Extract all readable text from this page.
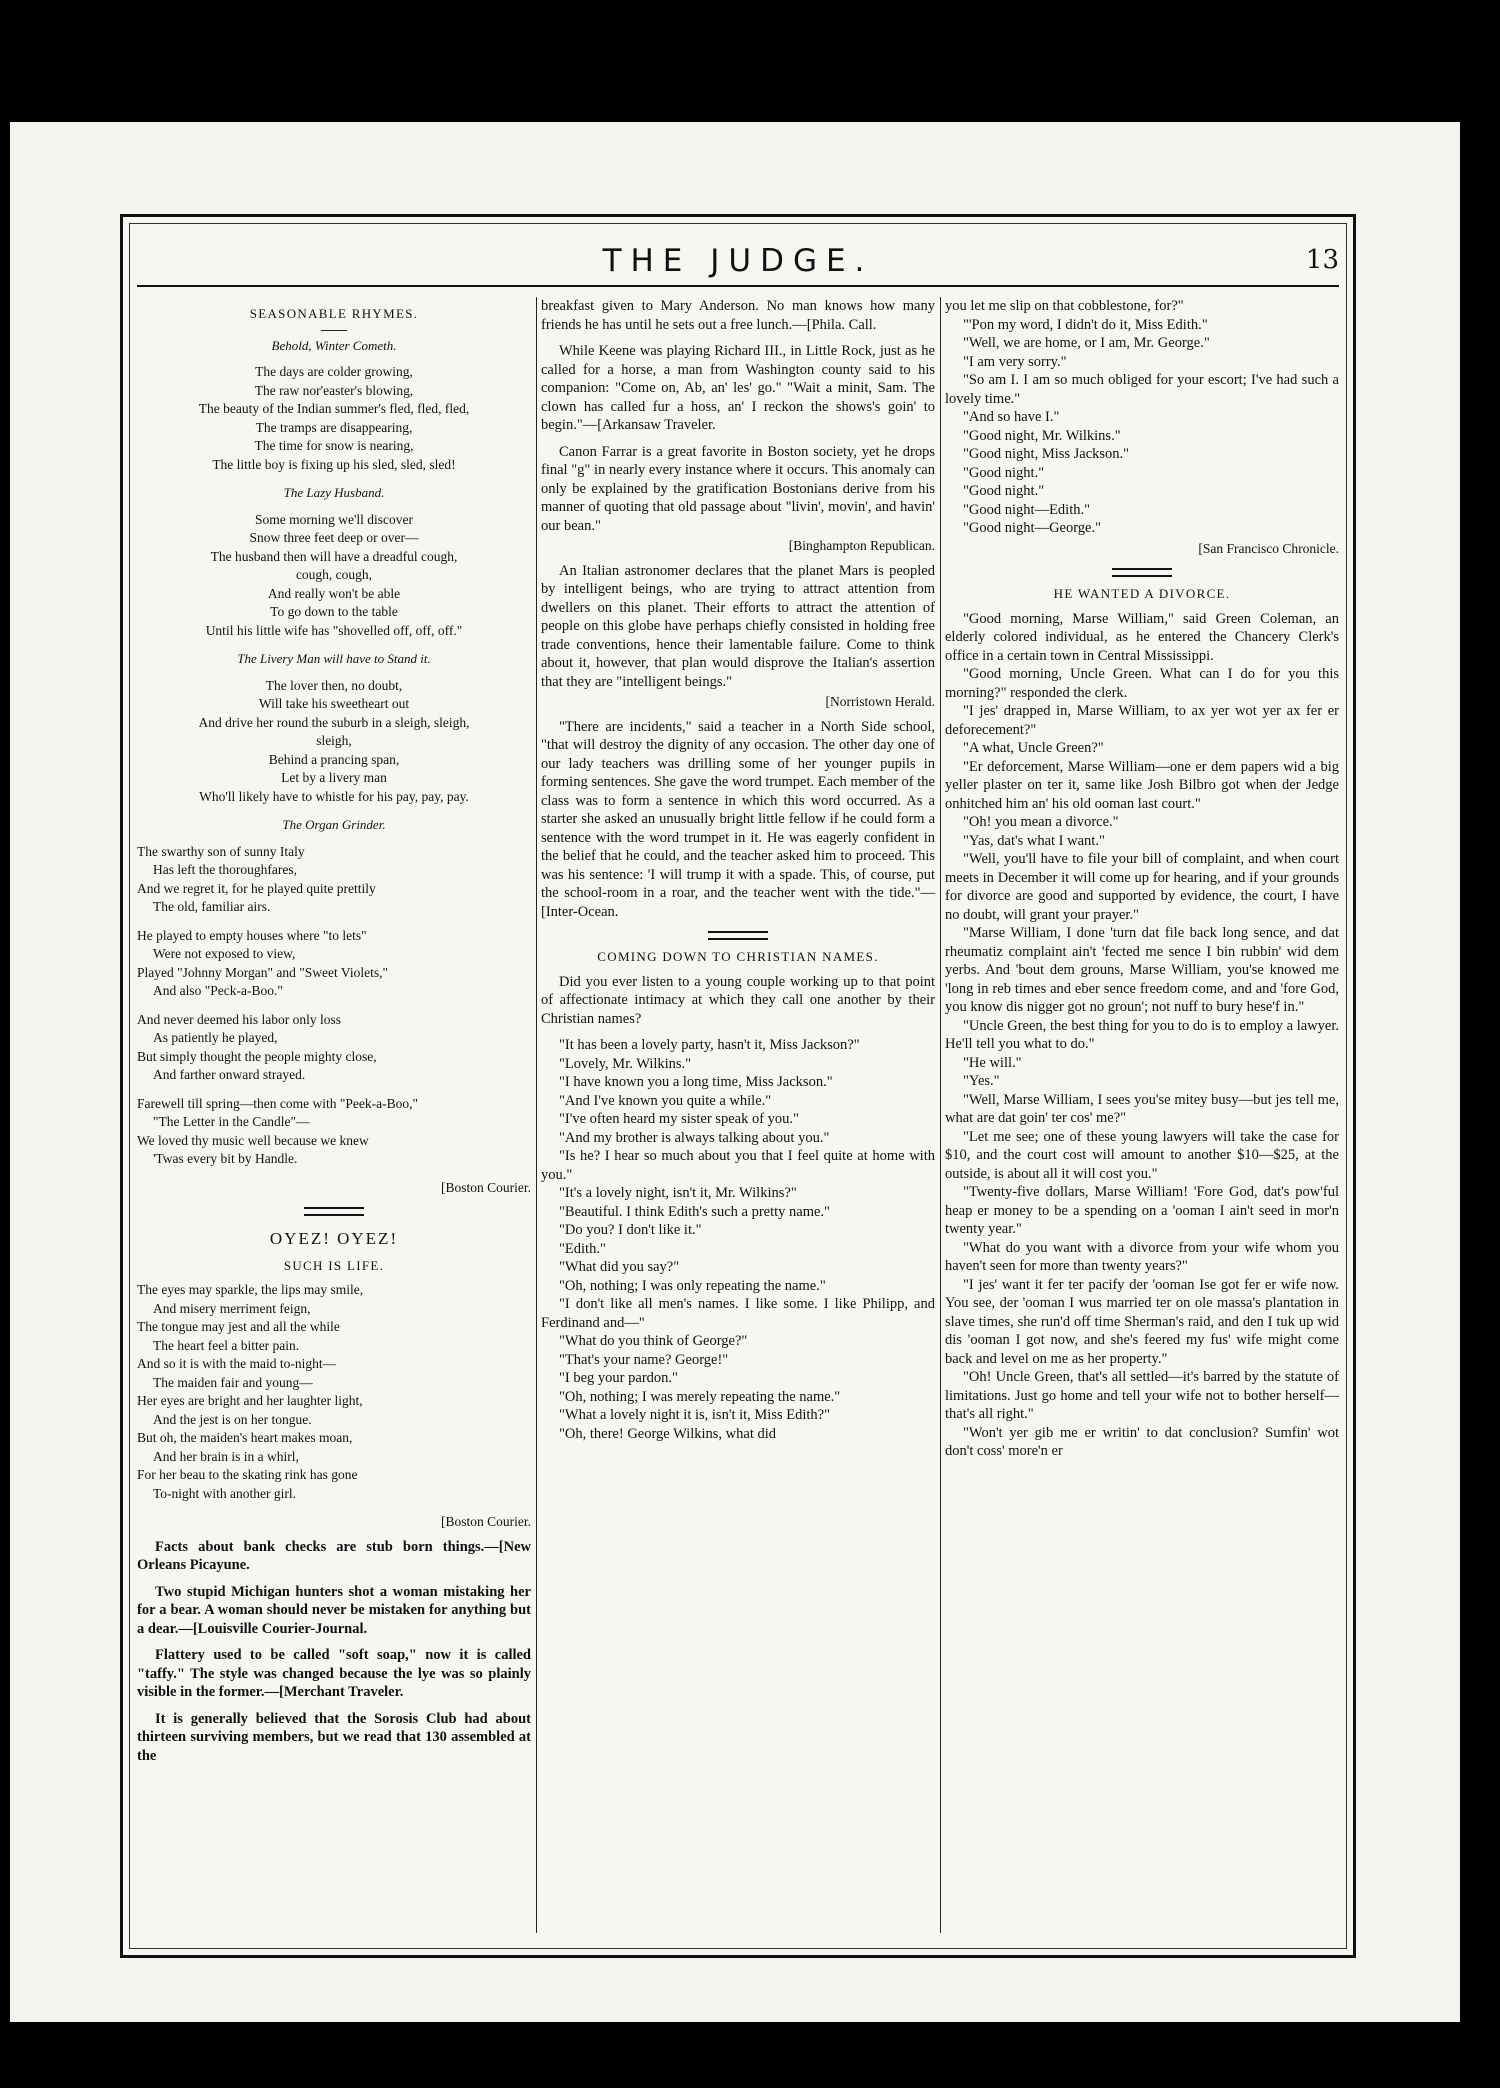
THE JUDGE.	13
SEASONABLE RHYMES.
Behold, Winter Cometh.
The days are colder growing,
The raw nor'easter's blowing,
The beauty of the Indian summer's fled, fled, fled,
The tramps are disappearing,
The time for snow is nearing,
The little boy is fixing up his sled, sled, sled!
The Lazy Husband.
Some morning we'll discover
Snow three feet deep or over—
The husband then will have a dreadful cough,
cough, cough,
And really won't be able
To go down to the table
Until his little wife has "shovelled off, off, off."
The Livery Man will have to Stand it.
The lover then, no doubt,
Will take his sweetheart out
And drive her round the suburb in a sleigh, sleigh,
sleigh,
Behind a prancing span,
Let by a livery man
Who'll likely have to whistle for his pay, pay, pay.
The Organ Grinder.
The swarthy son of sunny Italy
Has left the thoroughfares,
And we regret it, for he played quite prettily
The old, familiar airs.
He played to empty houses where "to lets"
Were not exposed to view,
Played "Johnny Morgan" and "Sweet Violets,"
And also "Peck-a-Boo."
And never deemed his labor only loss
As patiently he played,
But simply thought the people mighty close,
And farther onward strayed.
Farewell till spring—then come with "Peek-a-Boo,"
"The Letter in the Candle"—
We loved thy music well because we knew
'Twas every bit by Handle.
[Boston Courier.
OYEZ! OYEZ!
SUCH IS LIFE.
The eyes may sparkle, the lips may smile,
And misery merriment feign,
The tongue may jest and all the while
The heart feel a bitter pain.
And so it is with the maid to-night—
The maiden fair and young—
Her eyes are bright and her laughter light,
And the jest is on her tongue.
But oh, the maiden's heart makes moan,
And her brain is in a whirl,
For her beau to the skating rink has gone
To-night with another girl.
[Boston Courier.

Facts about bank checks are stub born things.—[New Orleans Picayune.

Two stupid Michigan hunters shot a woman mistaking her for a bear. A woman should never be mistaken for anything but a dear.—[Louisville Courier-Journal.

Flattery used to be called "soft soap," now it is called "taffy." The style was changed because the lye was so plainly visible in the former.—[Merchant Traveler.

It is generally believed that the Sorosis Club had about thirteen surviving members, but we read that 130 assembled at the

breakfast given to Mary Anderson. No man knows how many friends he has until he sets out a free lunch.—[Phila. Call.

While Keene was playing Richard III., in Little Rock, just as he called for a horse, a man from Washington county said to his companion: "Come on, Ab, an' les' go." "Wait a minit, Sam. The clown has called fur a hoss, an' I reckon the shows's goin' to begin."—[Arkansaw Traveler.

Canon Farrar is a great favorite in Boston society, yet he drops final "g" in nearly every instance where it occurs. This anomaly can only be explained by the gratification Bostonians derive from his manner of quoting that old passage about "livin', movin', and havin' our bean."

[Binghampton Republican.

An Italian astronomer declares that the planet Mars is peopled by intelligent beings, who are trying to attract attention from dwellers on this planet. Their efforts to attract the attention of people on this globe have perhaps chiefly consisted in holding free trade conventions, hence their lamentable failure. Come to think about it, however, that plan would disprove the Italian's assertion that they are "intelligent beings."

[Norristown Herald.

"There are incidents," said a teacher in a North Side school, "that will destroy the dignity of any occasion. The other day one of our lady teachers was drilling some of her younger pupils in forming sentences. She gave the word trumpet. Each member of the class was to form a sentence in which this word occurred. As a starter she asked an unusually bright little fellow if he could form a sentence with the word trumpet in it. He was eagerly confident in the belief that he could, and the teacher asked him to proceed. This was his sentence: 'I will trump it with a spade. This, of course, put the school-room in a roar, and the teacher went with the tide."—[Inter-Ocean.

COMING DOWN TO CHRISTIAN NAMES.

Did you ever listen to a young couple working up to that point of affectionate intimacy at which they call one another by their Christian names?

"It has been a lovely party, hasn't it, Miss Jackson?"

"Lovely, Mr. Wilkins."

"I have known you a long time, Miss Jackson."

"And I've known you quite a while."

"I've often heard my sister speak of you."

"And my brother is always talking about you."

"Is he? I hear so much about you that I feel quite at home with you."

"It's a lovely night, isn't it, Mr. Wilkins?"

"Beautiful. I think Edith's such a pretty name."

"Do you? I don't like it."

"Edith."

"What did you say?"

"Oh, nothing; I was only repeating the name."

"I don't like all men's names. I like some. I like Philipp, and Ferdinand and—"

"What do you think of George?"

"That's your name? George!"

"I beg your pardon."

"Oh, nothing; I was merely repeating the name."

"What a lovely night it is, isn't it, Miss Edith?"

"Oh, there! George Wilkins, what did

you let me slip on that cobblestone, for?"

"'Pon my word, I didn't do it, Miss Edith."

"Well, we are home, or I am, Mr. George."

"I am very sorry."

"So am I. I am so much obliged for your escort; I've had such a lovely time."

"And so have I."

"Good night, Mr. Wilkins."

"Good night, Miss Jackson."

"Good night."

"Good night."

"Good night—Edith."

"Good night—George."

[San Francisco Chronicle.
HE WANTED A DIVORCE.

"Good morning, Marse William," said Green Coleman, an elderly colored individual, as he entered the Chancery Clerk's office in a certain town in Central Mississippi.

"Good morning, Uncle Green. What can I do for you this morning?" responded the clerk.

"I jes' drapped in, Marse William, to ax yer wot yer ax fer er deforecement?"

"A what, Uncle Green?"

"Er deforcement, Marse William—one er dem papers wid a big yeller plaster on ter it, same like Josh Bilbro got when der Jedge onhitched him an' his old ooman last court."

"Oh! you mean a divorce."

"Yas, dat's what I want."

"Well, you'll have to file your bill of complaint, and when court meets in December it will come up for hearing, and if your grounds for divorce are good and supported by evidence, the court, I have no doubt, will grant your prayer."

"Marse William, I done 'turn dat file back long sence, and dat rheumatiz complaint ain't 'fected me sence I bin rubbin' wid dem yerbs. And 'bout dem grouns, Marse William, you'se knowed me 'long in reb times and eber sence freedom come, and and 'fore God, you know dis nigger got no groun'; not nuff to bury hese'f in."

"Uncle Green, the best thing for you to do is to employ a lawyer. He'll tell you what to do."

"He will."

"Yes."

"Well, Marse William, I sees you'se mitey busy—but jes tell me, what are dat goin' ter cos' me?"

"Let me see; one of these young lawyers will take the case for $10, and the court cost will amount to another $10—$25, at the outside, is about all it will cost you."

"Twenty-five dollars, Marse William! 'Fore God, dat's pow'ful heap er money to be a spending on a 'ooman I ain't seed in mor'n twenty year."

"What do you want with a divorce from your wife whom you haven't seen for more than twenty years?"

"I jes' want it fer ter pacify der 'ooman Ise got fer er wife now. You see, der 'ooman I wus married ter on ole massa's plantation in slave times, she run'd off time Sherman's raid, and den I tuk up wid dis 'ooman I got now, and she's feered my fus' wife might come back and level on me as her property."

"Oh! Uncle Green, that's all settled—it's barred by the statute of limitations. Just go home and tell your wife not to bother herself—that's all right."

"Won't yer gib me er writin' to dat conclusion? Sumfin' wot don't coss' more'n er
